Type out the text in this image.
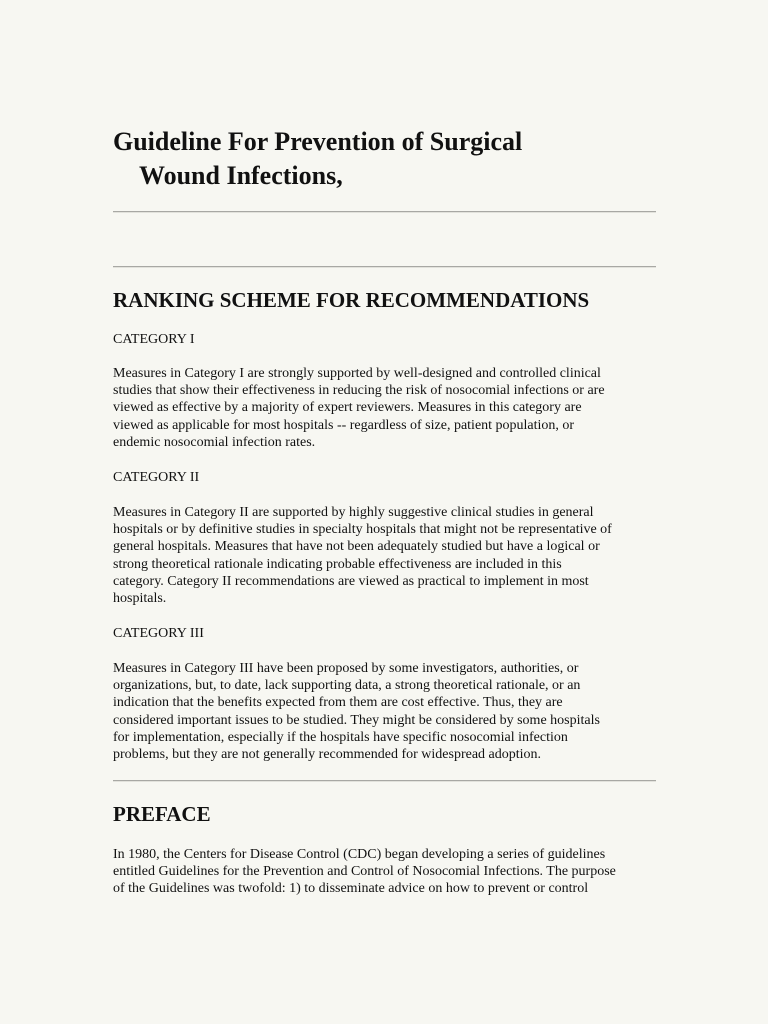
Guideline For Prevention of Surgical
Wound Infections,
RANKING SCHEME FOR RECOMMENDATIONS

CATEGORY I

Measures in Category I are strongly supported by well-designed and controlled clinical
studies that show their effectiveness in reducing the risk of nosocomial infections or are
viewed as effective by a majority of expert reviewers. Measures in this category are
viewed as applicable for most hospitals -- regardless of size, patient population, or
endemic nosocomial infection rates.

CATEGORY II

Measures in Category II are supported by highly suggestive clinical studies in general
hospitals or by definitive studies in specialty hospitals that might not be representative of
general hospitals. Measures that have not been adequately studied but have a logical or
strong theoretical rationale indicating probable effectiveness are included in this
category. Category II recommendations are viewed as practical to implement in most
hospitals.

CATEGORY III

Measures in Category III have been proposed by some investigators, authorities, or
organizations, but, to date, lack supporting data, a strong theoretical rationale, or an
indication that the benefits expected from them are cost effective. Thus, they are
considered important issues to be studied. They might be considered by some hospitals
for implementation, especially if the hospitals have specific nosocomial infection
problems, but they are not generally recommended for widespread adoption.

PREFACE

In 1980, the Centers for Disease Control (CDC) began developing a series of guidelines
entitled Guidelines for the Prevention and Control of Nosocomial Infections. The purpose
of the Guidelines was twofold: 1) to disseminate advice on how to prevent or control
